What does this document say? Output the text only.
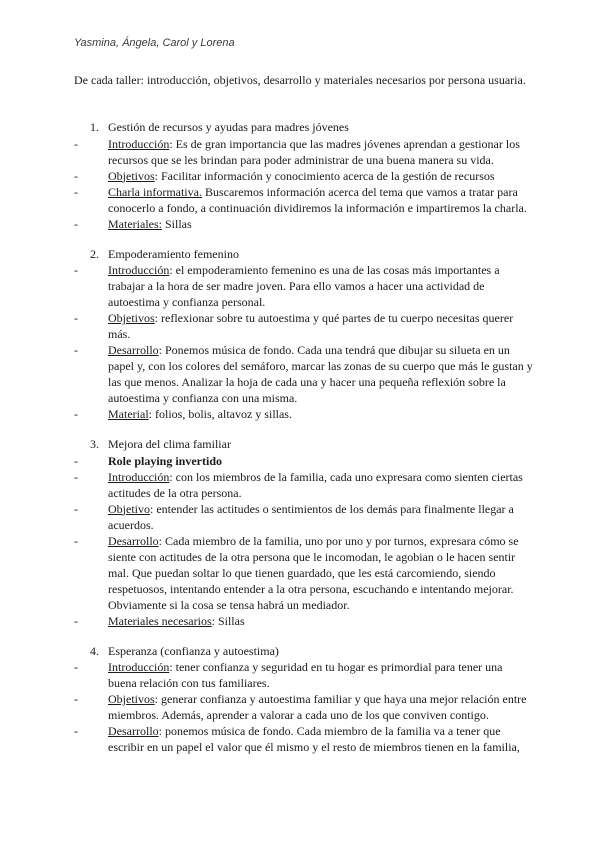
Yasmina, Ángela, Carol y Lorena
De cada taller: introducción, objetivos, desarrollo y materiales necesarios por persona usuaria.
1. Gestión de recursos y ayudas para madres jóvenes
-	Introducción: Es de gran importancia que las madres jóvenes aprendan a gestionar los recursos que se les brindan para poder administrar de una buena manera su vida.
-	Objetivos: Facilitar información y conocimiento acerca de la gestión de recursos
-	Charla informativa. Buscaremos información acerca del tema que vamos a tratar para conocerlo a fondo, a continuación dividiremos la información e impartiremos la charla.
-	Materiales: Sillas
2. Empoderamiento femenino
-	Introducción: el empoderamiento femenino es una de las cosas más importantes a trabajar a la hora de ser madre joven. Para ello vamos a hacer una actividad de autoestima y confianza personal.
-	Objetivos: reflexionar sobre tu autoestima y qué partes de tu cuerpo necesitas querer más.
-	Desarrollo: Ponemos música de fondo. Cada una tendrá que dibujar su silueta en un papel y, con los colores del semáforo, marcar las zonas de su cuerpo que más le gustan y las que menos. Analizar la hoja de cada una y hacer una pequeña reflexión sobre la autoestima y confianza con una misma.
-	Material: folios, bolis, altavoz y sillas.
3. Mejora del clima familiar
-	Role playing invertido
-	Introducción: con los miembros de la familia, cada uno expresara como sienten ciertas actitudes de la otra persona.
-	Objetivo: entender las actitudes o sentimientos de los demás para finalmente llegar a acuerdos.
-	Desarrollo: Cada miembro de la familia, uno por uno y por turnos, expresara cómo se siente con actitudes de la otra persona que le incomodan, le agobian o le hacen sentir mal. Que puedan soltar lo que tienen guardado, que les está carcomiendo, siendo respetuosos, intentando entender a la otra persona, escuchando e intentando mejorar. Obviamente si la cosa se tensa habrá un mediador.
-	Materiales necesarios: Sillas
4. Esperanza (confianza y autoestima)
-	Introducción: tener confianza y seguridad en tu hogar es primordial para tener una buena relación con tus familiares.
-	Objetivos: generar confianza y autoestima familiar y que haya una mejor relación entre miembros. Además, aprender a valorar a cada uno de los que conviven contigo.
-	Desarrollo: ponemos música de fondo. Cada miembro de la familia va a tener que escribir en un papel el valor que él mismo y el resto de miembros tienen en la familia,
